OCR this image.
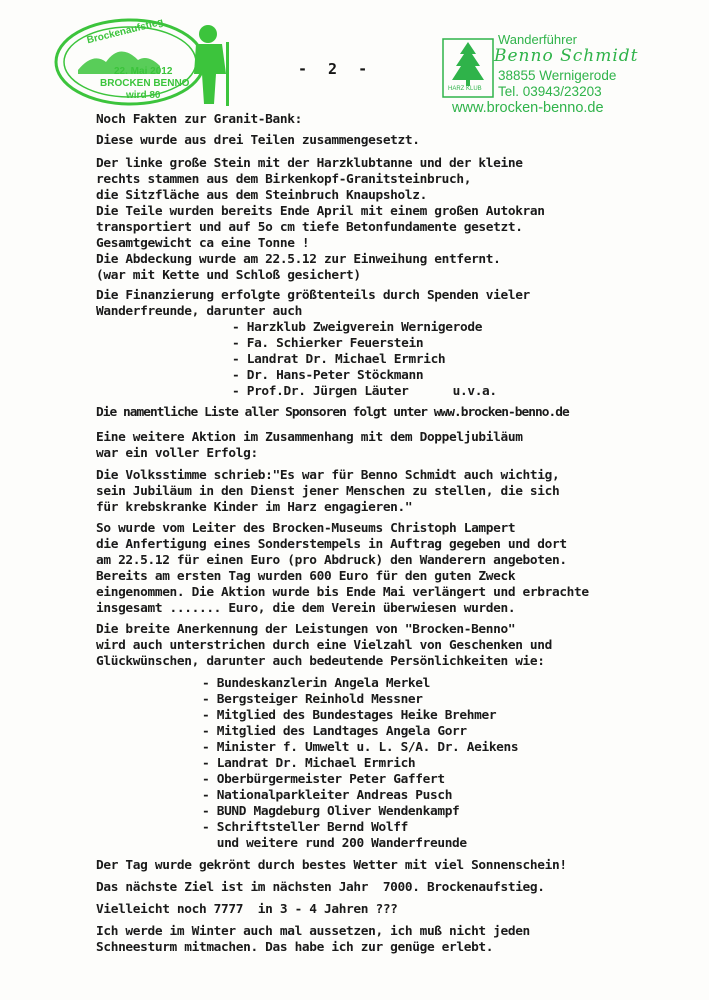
Brockenaufstieg
22. Mai 2012
BROCKEN BENNO
wird 80
- 2 -
HARZ KLUB
Wanderführer
Benno Schmidt
38855 Wernigerode
Tel. 03943/23203
www.brocken-benno.de
Noch Fakten zur Granit-Bank:
Diese wurde aus drei Teilen zusammengesetzt.
Der linke große Stein mit der Harzklubtanne und der kleine
rechts stammen aus dem Birkenkopf-Granitsteinbruch,
die Sitzfläche aus dem Steinbruch Knaupsholz.
Die Teile wurden bereits Ende April mit einem großen Autokran
transportiert und auf 5o cm tiefe Betonfundamente gesetzt.
Gesamtgewicht ca eine Tonne !
Die Abdeckung wurde am 22.5.12 zur Einweihung entfernt.
(war mit Kette und Schloß gesichert)
Die Finanzierung erfolgte größtenteils durch Spenden vieler
Wanderfreunde, darunter auch
- Harzklub Zweigverein Wernigerode
- Fa. Schierker Feuerstein
- Landrat Dr. Michael Ermrich
- Dr. Hans-Peter Stöckmann
- Prof.Dr. Jürgen Läuter      u.v.a.
Die namentliche Liste aller Sponsoren folgt unter www.brocken-benno.de
Eine weitere Aktion im Zusammenhang mit dem Doppeljubiläum
war ein voller Erfolg:
Die Volksstimme schrieb:"Es war für Benno Schmidt auch wichtig,
sein Jubiläum in den Dienst jener Menschen zu stellen, die sich
für krebskranke Kinder im Harz engagieren."
So wurde vom Leiter des Brocken-Museums Christoph Lampert
die Anfertigung eines Sonderstempels in Auftrag gegeben und dort
am 22.5.12 für einen Euro (pro Abdruck) den Wanderern angeboten.
Bereits am ersten Tag wurden 600 Euro für den guten Zweck
eingenommen. Die Aktion wurde bis Ende Mai verlängert und erbrachte
insgesamt ....... Euro, die dem Verein überwiesen wurden.
Die breite Anerkennung der Leistungen von "Brocken-Benno"
wird auch unterstrichen durch eine Vielzahl von Geschenken und
Glückwünschen, darunter auch bedeutende Persönlichkeiten wie:
- Bundeskanzlerin Angela Merkel
- Bergsteiger Reinhold Messner
- Mitglied des Bundestages Heike Brehmer
- Mitglied des Landtages Angela Gorr
- Minister f. Umwelt u. L. S/A. Dr. Aeikens
- Landrat Dr. Michael Ermrich
- Oberbürgermeister Peter Gaffert
- Nationalparkleiter Andreas Pusch
- BUND Magdeburg Oliver Wendenkampf
- Schriftsteller Bernd Wolff
und weitere rund 200 Wanderfreunde
Der Tag wurde gekrönt durch bestes Wetter mit viel Sonnenschein!
Das nächste Ziel ist im nächsten Jahr  7000. Brockenaufstieg.
Vielleicht noch 7777  in 3 - 4 Jahren ???
Ich werde im Winter auch mal aussetzen, ich muß nicht jeden
Schneesturm mitmachen. Das habe ich zur genüge erlebt.
